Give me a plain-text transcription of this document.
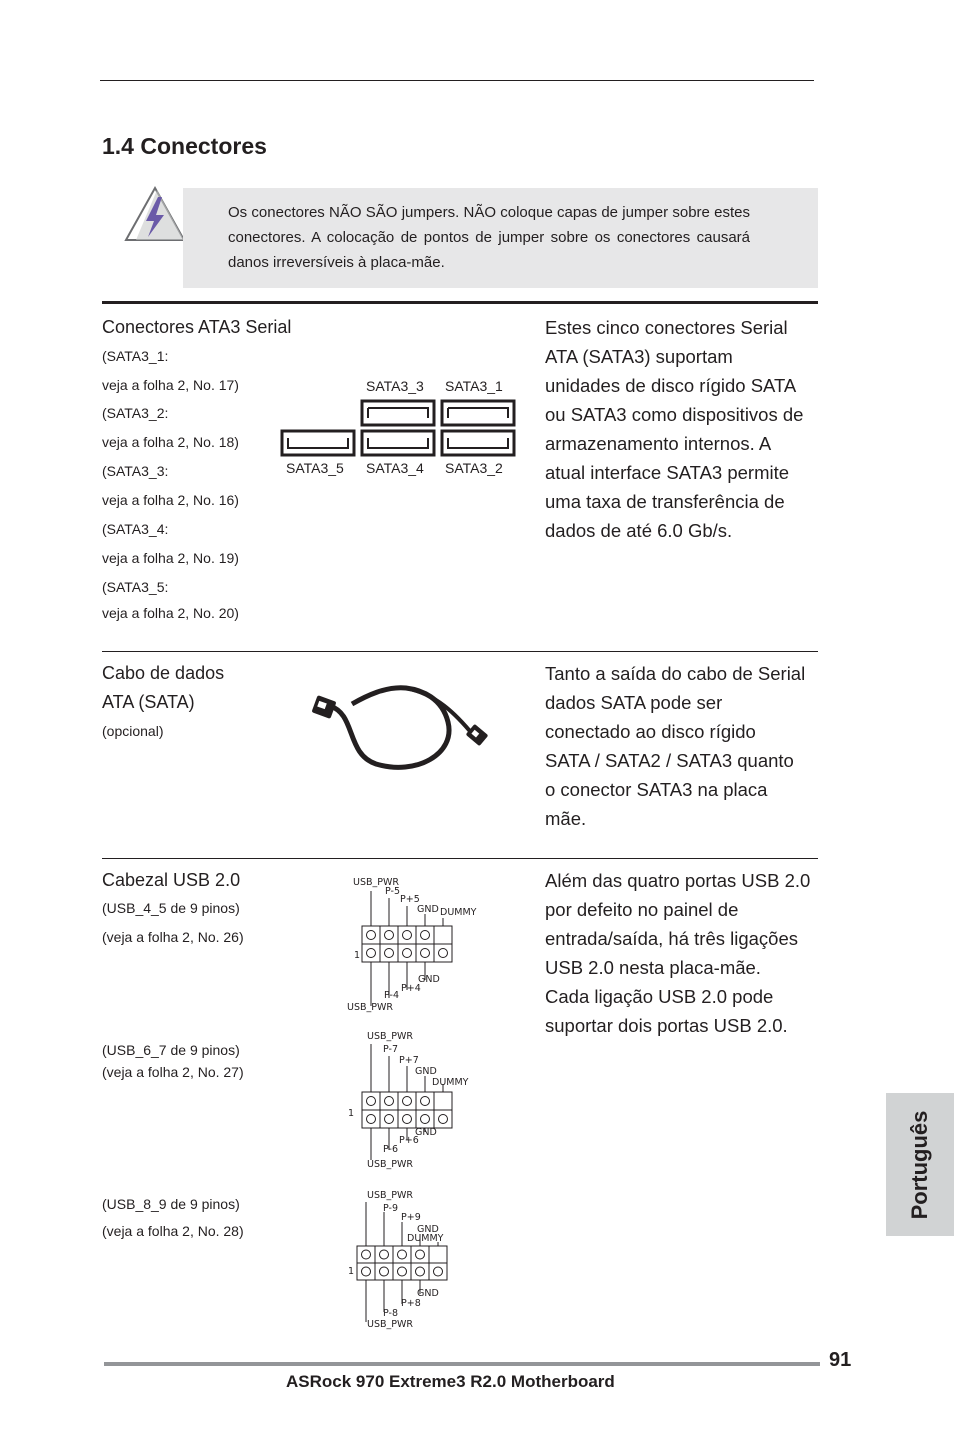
1.4 Conectores
Os conectores NÃO SÃO jumpers. NÃO coloque capas de jumper sobre estes conectores. A colocação de pontos de jumper sobre os conectores causará danos irreversíveis à placa-mãe.
Conectores ATA3 Serial
(SATA3_1:
veja a folha 2, No. 17)
(SATA3_2:
veja a folha 2, No. 18)
(SATA3_3:
veja a folha 2, No. 16)
(SATA3_4:
veja a folha 2, No. 19)
(SATA3_5:
veja a folha 2, No. 20)
SATA3_3 SATA3_1
SATA3_5 SATA3_4 SATA3_2
Estes cinco conectores Serial
ATA (SATA3) suportam
unidades de disco rígido SATA
ou SATA3 como dispositivos de
armazenamento internos. A
atual interface SATA3 permite
uma taxa de transferência de
dados de até 6.0 Gb/s.
Cabo de dados
ATA (SATA)
(opcional)
Tanto a saída do cabo de Serial
dados SATA pode ser
conectado ao disco rígido
SATA / SATA2 / SATA3 quanto
o conector SATA3 na placa
mãe.
Cabezal USB 2.0
(USB_4_5 de 9 pinos)
(veja a folha 2, No. 26)
(USB_6_7 de 9 pinos)
(veja a folha 2, No. 27)
(USB_8_9 de 9 pinos)
(veja a folha 2, No. 28)
Além das quatro portas USB 2.0
por defeito no painel de
entrada/saída, há três ligações
USB 2.0 nesta placa-mãe.
Cada ligação USB 2.0 pode
suportar dois portas USB 2.0.
USB_PWR
P-5
P+5
GND DUMMY
1
GND
P+4
P-4
USB_PWR
USB_PWR
P-7
P+7
GND
DUMMY
1
GND
P+6
P-6
USB_PWR
USB_PWR
P-9
P+9
GND
DUMMY
1
GND
P+8
P-8
USB_PWR
Português
91
ASRock 970 Extreme3 R2.0 Motherboard
